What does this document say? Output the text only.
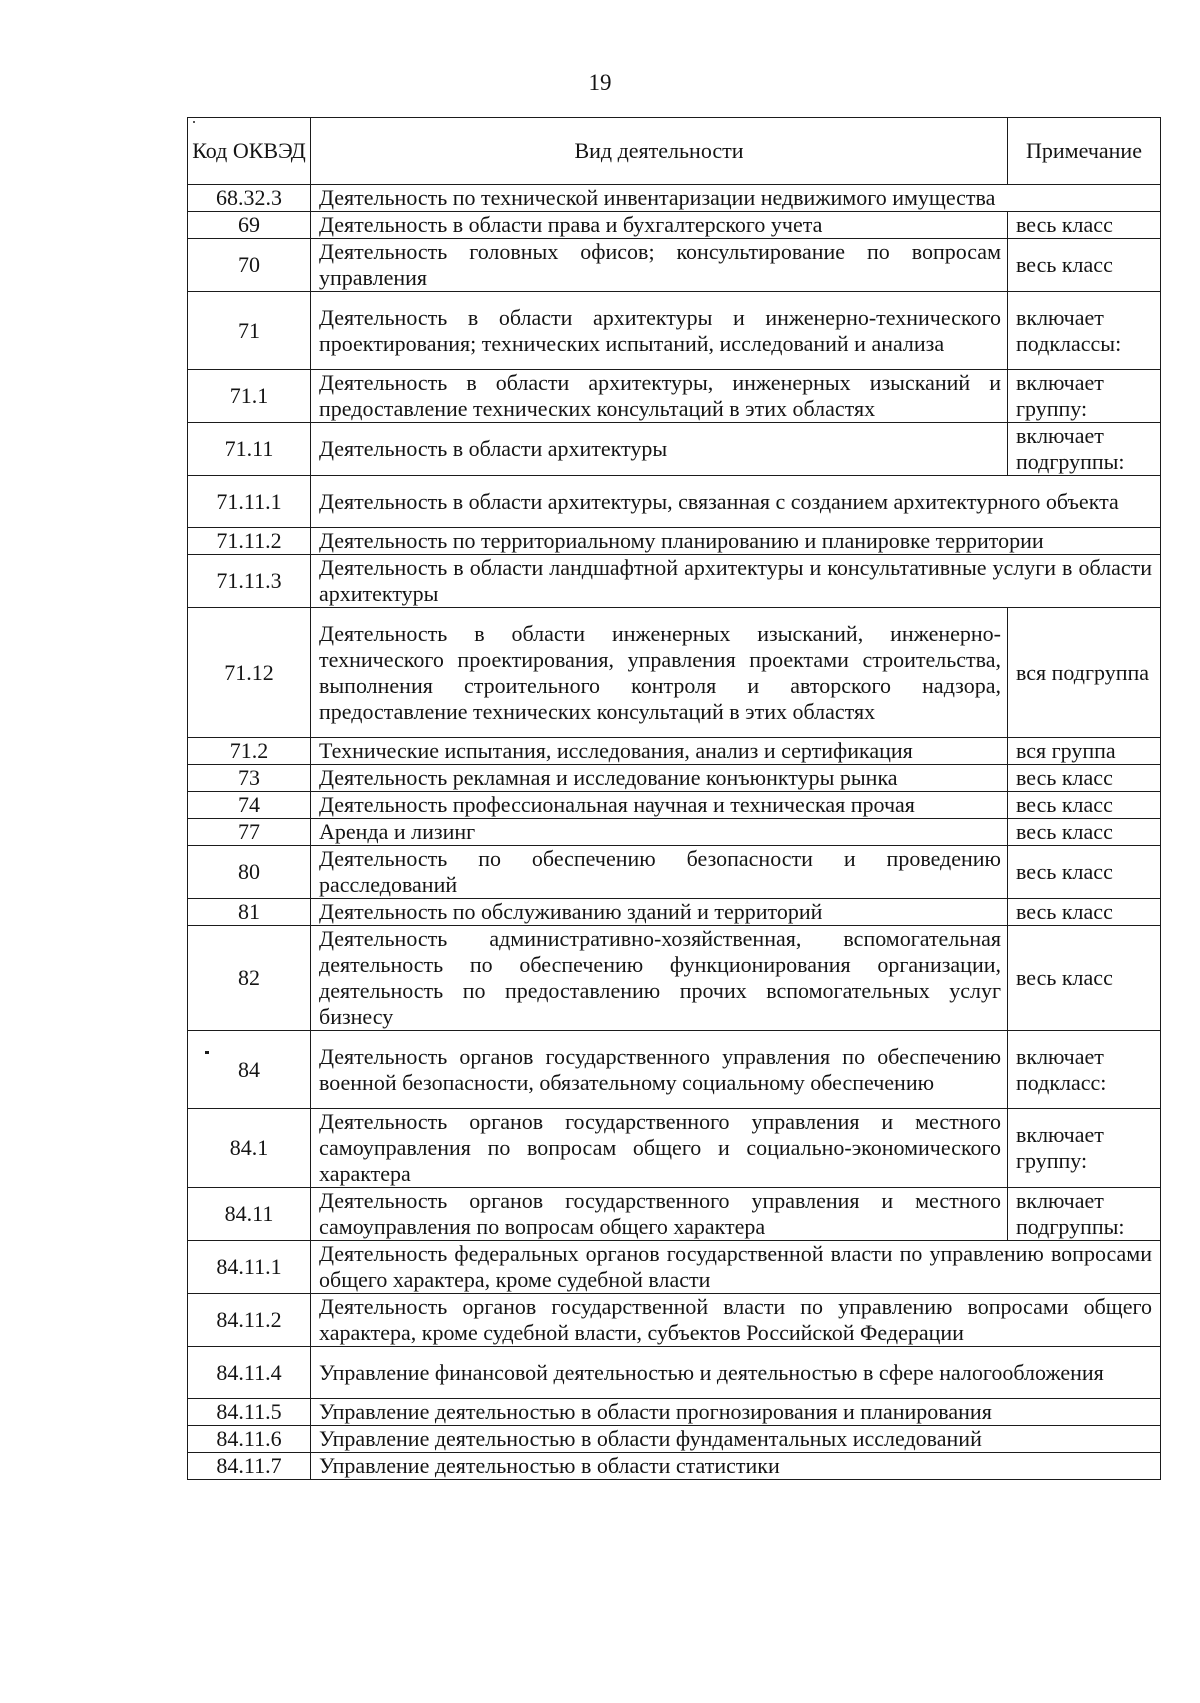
19
Код ОКВЭД	Вид деятельности	Примечание
68.32.3	Деятельность по технической инвентаризации недвижимого имущества	
69	Деятельность в области права и бухгалтерского учета	весь класс
70	Деятельность головных офисов; консультирование по вопросам управления	весь класс
71	Деятельность в области архитектуры и инженерно-технического проектирования; технических испытаний, исследований и анализа	включает подклассы:
71.1	Деятельность в области архитектуры, инженерных изысканий и предоставление технических консультаций в этих областях	включает группу:
71.11	Деятельность в области архитектуры	включает подгруппы:
71.11.1	Деятельность в области архитектуры, связанная с созданием архитектурного объекта	
71.11.2	Деятельность по территориальному планированию и планировке территории	
71.11.3	Деятельность в области ландшафтной архитектуры и консультативные услуги в области архитектуры	
71.12	Деятельность в области инженерных изысканий, инженерно-технического проектирования, управления проектами строительства, выполнения строительного контроля и авторского надзора, предоставление технических консультаций в этих областях	вся подгруппа
71.2	Технические испытания, исследования, анализ и сертификация	вся группа
73	Деятельность рекламная и исследование конъюнктуры рынка	весь класс
74	Деятельность профессиональная научная и техническая прочая	весь класс
77	Аренда и лизинг	весь класс
80	Деятельность по обеспечению безопасности и проведению расследований	весь класс
81	Деятельность по обслуживанию зданий и территорий	весь класс
82	Деятельность административно-хозяйственная, вспомогательная деятельность по обеспечению функционирования организации, деятельность по предоставлению прочих вспомогательных услуг бизнесу	весь класс
84	Деятельность органов государственного управления по обеспечению военной безопасности, обязательному социальному обеспечению	включает подкласс:
84.1	Деятельность органов государственного управления и местного самоуправления по вопросам общего и социально-экономического характера	включает группу:
84.11	Деятельность органов государственного управления и местного самоуправления по вопросам общего характера	включает подгруппы:
84.11.1	Деятельность федеральных органов государственной власти по управлению вопросами общего характера, кроме судебной власти	
84.11.2	Деятельность органов государственной власти по управлению вопросами общего характера, кроме судебной власти, субъектов Российской Федерации	
84.11.4	Управление финансовой деятельностью и деятельностью в сфере налогообложения	
84.11.5	Управление деятельностью в области прогнозирования и планирования	
84.11.6	Управление деятельностью в области фундаментальных исследований	
84.11.7	Управление деятельностью в области статистики	
